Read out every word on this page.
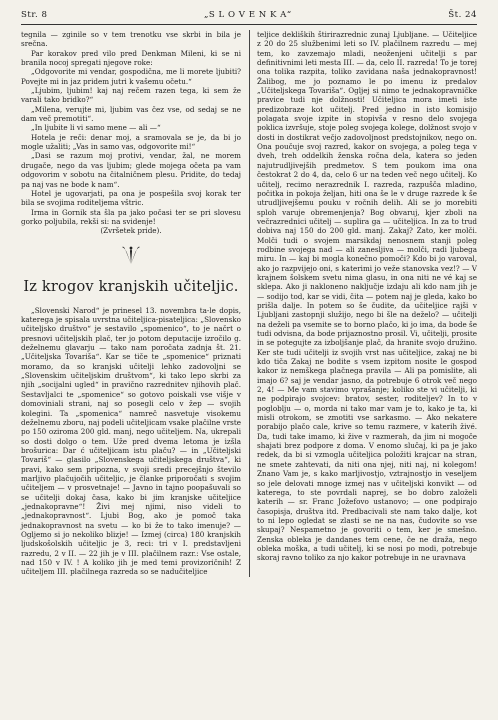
Str. 8	„S L O V E N K A“	Št. 24

tegnila — zginile so v tem trenotku vse skrbi in bila je srečna.

Par korakov pred vilo pred Denkman Mileni, ki se ni branila nocoj spregati njegove roke:

„Odgovorite mi vendar, gospodična, me li morete ljubiti? Povejte mi in jaz pridem jutri k vašemu očetu.“

„Ljubim, ljubim! kaj naj rečem razen tega, ki sem že varali tako bridko?“

„Milena, verujte mi, ljubim vas čez vse, od sedaj se ne dam več premotiti“.

„In ljubite li vi samo mene — ali —“

Hotela je reči: denar moj, a sramovala se je, da bi jo mogle užaliti; „Vas in samo vas, odgovorite mi!“

„Dasi se razum moj protivi, vendar, žal, ne morem drugače, nego da vas ljubim; glede mojega očeta pa vam odgovorim v sobotu na čitalničnem plesu. Pridite, do tedaj pa naj vas ne bode k nam“.

Hotel je ugovarjati, pa ona je pospešila svoj korak ter bila se svojima roditeljema vštric.

Irma in Gornik sta šla pa jako počasi ter se pri slovesu gorko poljubila, rekši si: na svidenje!

(Zvršetek pride).

Iz krogov kranjskih učiteljic.

„Slovenski Narod“ je prinesel 13. novembra ta-le dopis, katerega je spisala uvrstna učiteljica-pisateljica: „Slovensko učiteljsko društvo“ je sestavilo „spomenico“, to je načrt o presnovi učiteljskih plač, ter jo potom deputacije izročilo g. deželnemu glavarju — tako nam poročata zadnja št. 21. „Učiteljska Tovariša“. Kar se tiče te „spomenice“ priznati moramo, da so kranjski učitelji lehko zadovoljni se „Slovenskim učiteljskim društvom“, ki tako lepo skrbi za njih „socijalni ugled“ in pravično razrednitev njihovih plač. Sestavljalci te „spomenice“ so gotovo poiskali vse višje v domoviniali strani, naj so posegli celo v žep — svojih kolegini. Ta „spomenica“ namreč nasvetuje visokemu deželnemu zboru, naj podeli učiteljicam vsake plačilne vrste po 150 oziroma 200 gld. manj, nego učiteljem. Na, ukrepali so dosti dolgo o tem. Uže pred dvema letoma je izšla brošurica: Dar ć učiteljicam istu plaču? — in „Učiteljski Tovariš“ — glasilo „Slovenskega učiteljskega društva“, ki pravi, kako sem pripozna, v svoji sredi precejšnjo število marljivo plačujočih učiteljic, je članke priporočati s svojim učiteljem — v prosvetnaje! — Javno in tajno poopašuvali so se učitelji dokaj časa, kako bi jim kranjske učiteljice „jednakopravne“! Živi mej njimi, niso videli to „jednakopravnost“. Ljubi Bog, ako je pomoč taka jednakopravnost na svetu — ko bi že to tako imenuje? — Ogljemo si jo nekoliko blizje! — Izmej (circa) 180 kranjskih ljudskošolskih učiteljic je 3, reci: tri v I. predstavljeni razredu, 2 v II. — 22 jih je v III. plačilnem razr.: Vse ostale, nad 150 v IV. ! A koliko jih je med temi provizoričnih! Z učiteljem III. plačilnega razreda so se nadučiteljice

teljice dekliških štirirazrednic zunaj Ljubljane. — Učiteljice z 20 do 25 službenimi leti so IV. plačilnem razredu — mej tem, ko zavzemajo mladi, neoženjeni učitelji s par definitivnimi leti mesta III. — da, celo II. razreda! To je torej ona tolika razpita, toliko zavidana naša jednakopravnost! Žalibog, me jo poznamo le po imenu iz predalov „Učiteljskega Tovariša“. Ogljej si nimo te jednakopravničke pravice tudi nje dolžnosti! Učiteljica mora imeti iste predizobraze kot učitelj. Pred jedno in isto komisijo polagata svoje izpite in stopivša v resno delo svojega poklica izvršuje, stoje poleg svojega kolege, dolžnost svojo v dosti in dostikrat večjo zadovoljnost predstojnikov, nego on. Ona poučuje svoj razred, kakor on svojega, a poleg tega v dveh, treh oddelkih ženska ročna dela, katera so jeden najutrudljivejših predmetov. S tem poukom ima ona čestokrat 2 do 4, da, celo 6 ur na teden več nego učitelj. Ko učitelj, recimo nerazrednik I. razreda, razpušča mladino, počitka in pokoja željan, hiti ona še le v druge razrede k še utrudljivejšemu pouku v ročnih delih. Ali se jo morebiti sploh varuje obremenjenja? Bog obvaruj, kjer zboli na večrazrednici učitelj — suplira ga — učiteljica. In za to trud dobiva naj 150 do 200 gld. manj. Zakaj? Zato, ker molči. Molči tudi o svojem marsikdaj nenosnem stanji poleg rodbine svojega nad — ali zanesljiva — molči, radi ljubega miru. In — kaj bi mogla konečno pomoči? Kdo bi jo varoval, ako jo razpvijejo oni, s katerimi jo veže stanovska vez!? — V krajnem šolskem svetu nima glasu, in ona niti ne vé kaj se sklepa. Ako ji nakloneno naključje izdaju ali kdo nam jih je — sodijo tod, kar se vidi, čita — potem naj je gleda, kako bo prišla dalje. In potem so še čudite, da učiteljice rajši v Ljubljani zastopnji služijo, nego bi šle na deželo? — učitelji na deželi pa vsemite se to borno plačo, ki jo ima, da bode še tudi odvisna, da bode prijaznostno prosil. Vi, učitelji, prosite in se potegujte za izboljšanje plač, da hranite svojo družino. Ker ste tudi učitelji iz svojih vrst nas učiteljice, zakaj ne bi kdo tiča Zakaj ne bodite s vsem izpitom nosite le gospod kakor iz nemškega plačnega pravila — Ali pa pomislite, ali imajo 6? saj je vendar jasno, da potrebuje 6 otrok več nego 2, 4! — Me vam stavimo vprašanje; koliko ste vi učitelji, ki ne podpirajo svojcev: bratov, sester, roditeljev? In to v pogloblju — o, morda ni tako mar vam je to, kako je ta, ki misli otrokom, se zmotiti vse sarkasmo. — Ako nekatere porabijo plačo cale, krive so temu razmere, v katerih živé. Da, tudi take imamo, ki žive v razmerah, da jim ni mogoče shajati brez podpore z doma. V enomo slučaj, ki pa je jako redek, da bi si vzmogla učiteljica položiti krajcar na stran, ne smete zahtevati, da niti ona njej, niti naj, ni kolegom! Znano Vam je, s kako marljivostjo, vztrajnostjo in veseljem so jele delovati mnoge izmej nas v učiteljski konvikt — od katerega, to ste povrdali naprej, se bo dobro založeli katerih — sr. Franc Jožefovo ustanovo; — one podpirajo časopisja, društva itd. Predbacivali ste nam tako dalje, kot to ni lepo ogledat se zlasti se ne na nas, čudovite so vse skupaj? Nespametno je govoriti o tem, ker je smešno. Zenska obleka je dandanes tem cene, če ne draža, nego obleka moška, a tudi učitelj, ki se nosi po modi, potrebuje skoraj ravno toliko za njo kakor potrebuje in ne uravnava
